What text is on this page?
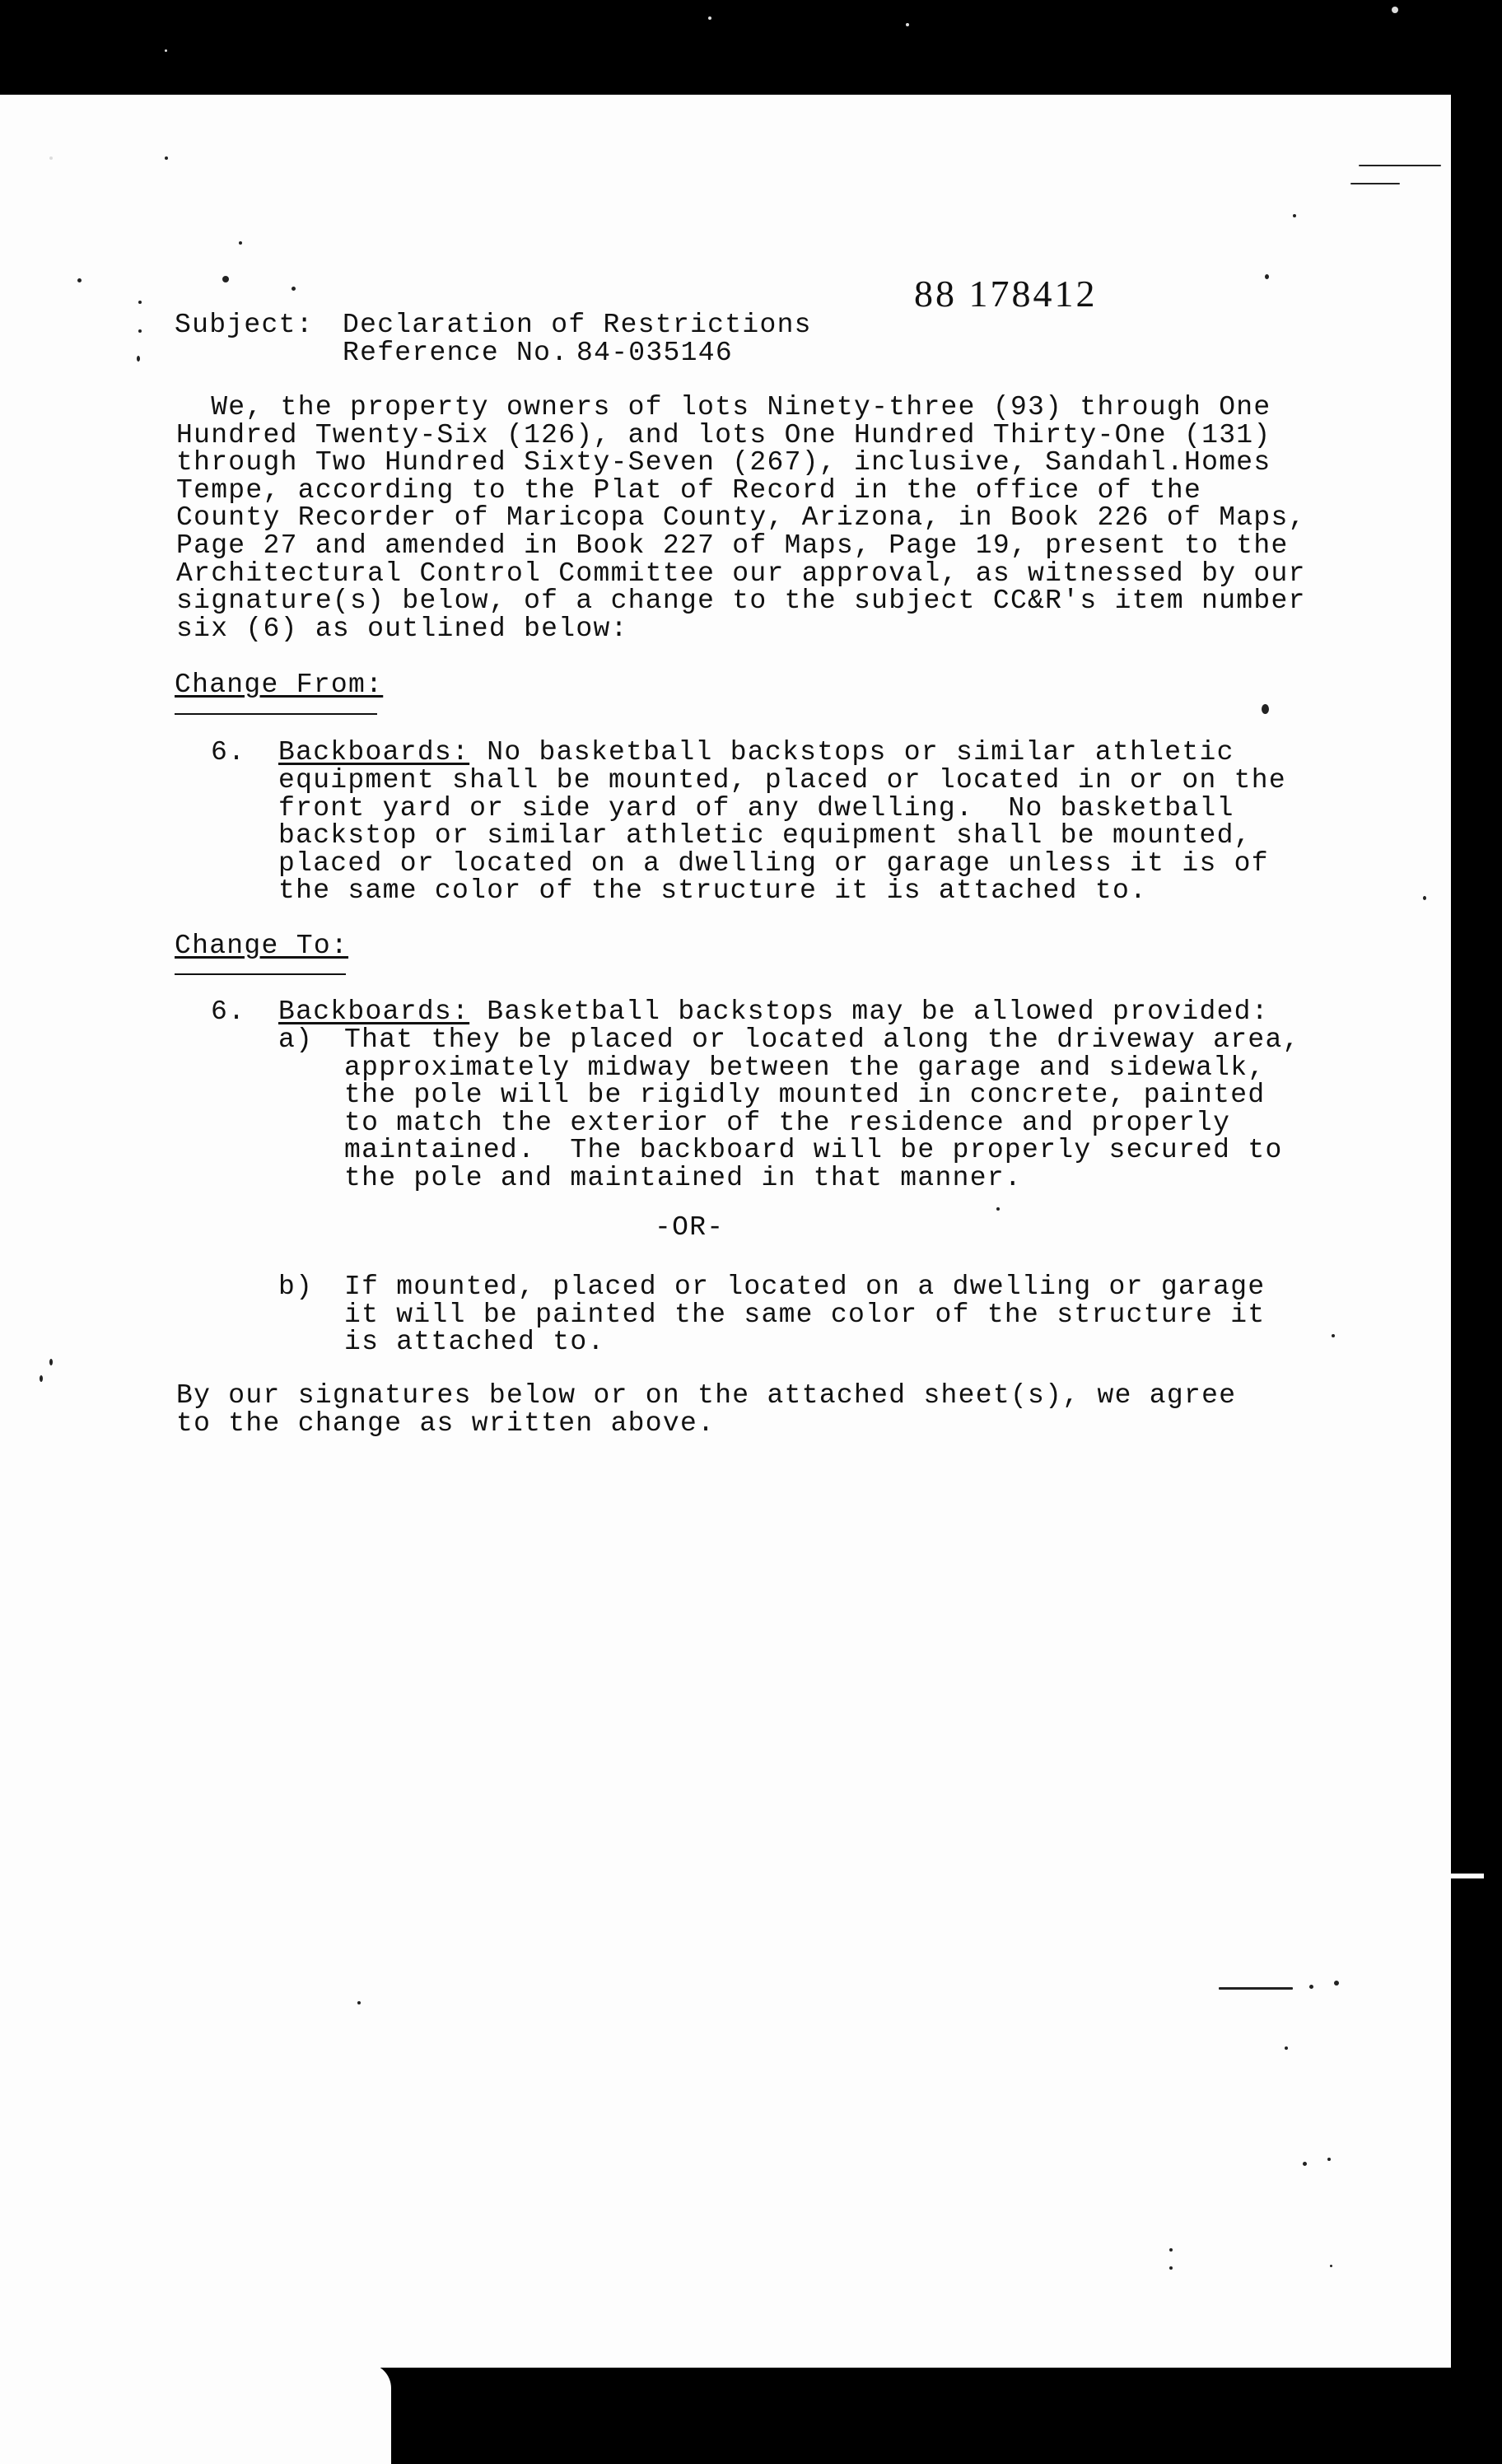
88 178412
Subject: Declaration of Restrictions
Reference No. 84-035146
We, the property owners of lots Ninety-three (93) through One
Hundred Twenty-Six (126), and lots One Hundred Thirty-One (131)
through Two Hundred Sixty-Seven (267), inclusive, Sandahl.Homes
Tempe, according to the Plat of Record in the office of the
County Recorder of Maricopa County, Arizona, in Book 226 of Maps,
Page 27 and amended in Book 227 of Maps, Page 19, present to the
Architectural Control Committee our approval, as witnessed by our
signature(s) below, of a change to the subject CC&R's item number
six (6) as outlined below:
Change From:
6. Backboards: No basketball backstops or similar athletic
equipment shall be mounted, placed or located in or on the
front yard or side yard of any dwelling.  No basketball
backstop or similar athletic equipment shall be mounted,
placed or located on a dwelling or garage unless it is of
the same color of the structure it is attached to.
Change To:
6. Backboards: Basketball backstops may be allowed provided:
a) That they be placed or located along the driveway area,
approximately midway between the garage and sidewalk,
the pole will be rigidly mounted in concrete, painted
to match the exterior of the residence and properly
maintained.  The backboard will be properly secured to
the pole and maintained in that manner.
-OR-
b) If mounted, placed or located on a dwelling or garage
it will be painted the same color of the structure it
is attached to.
By our signatures below or on the attached sheet(s), we agree
to the change as written above.
